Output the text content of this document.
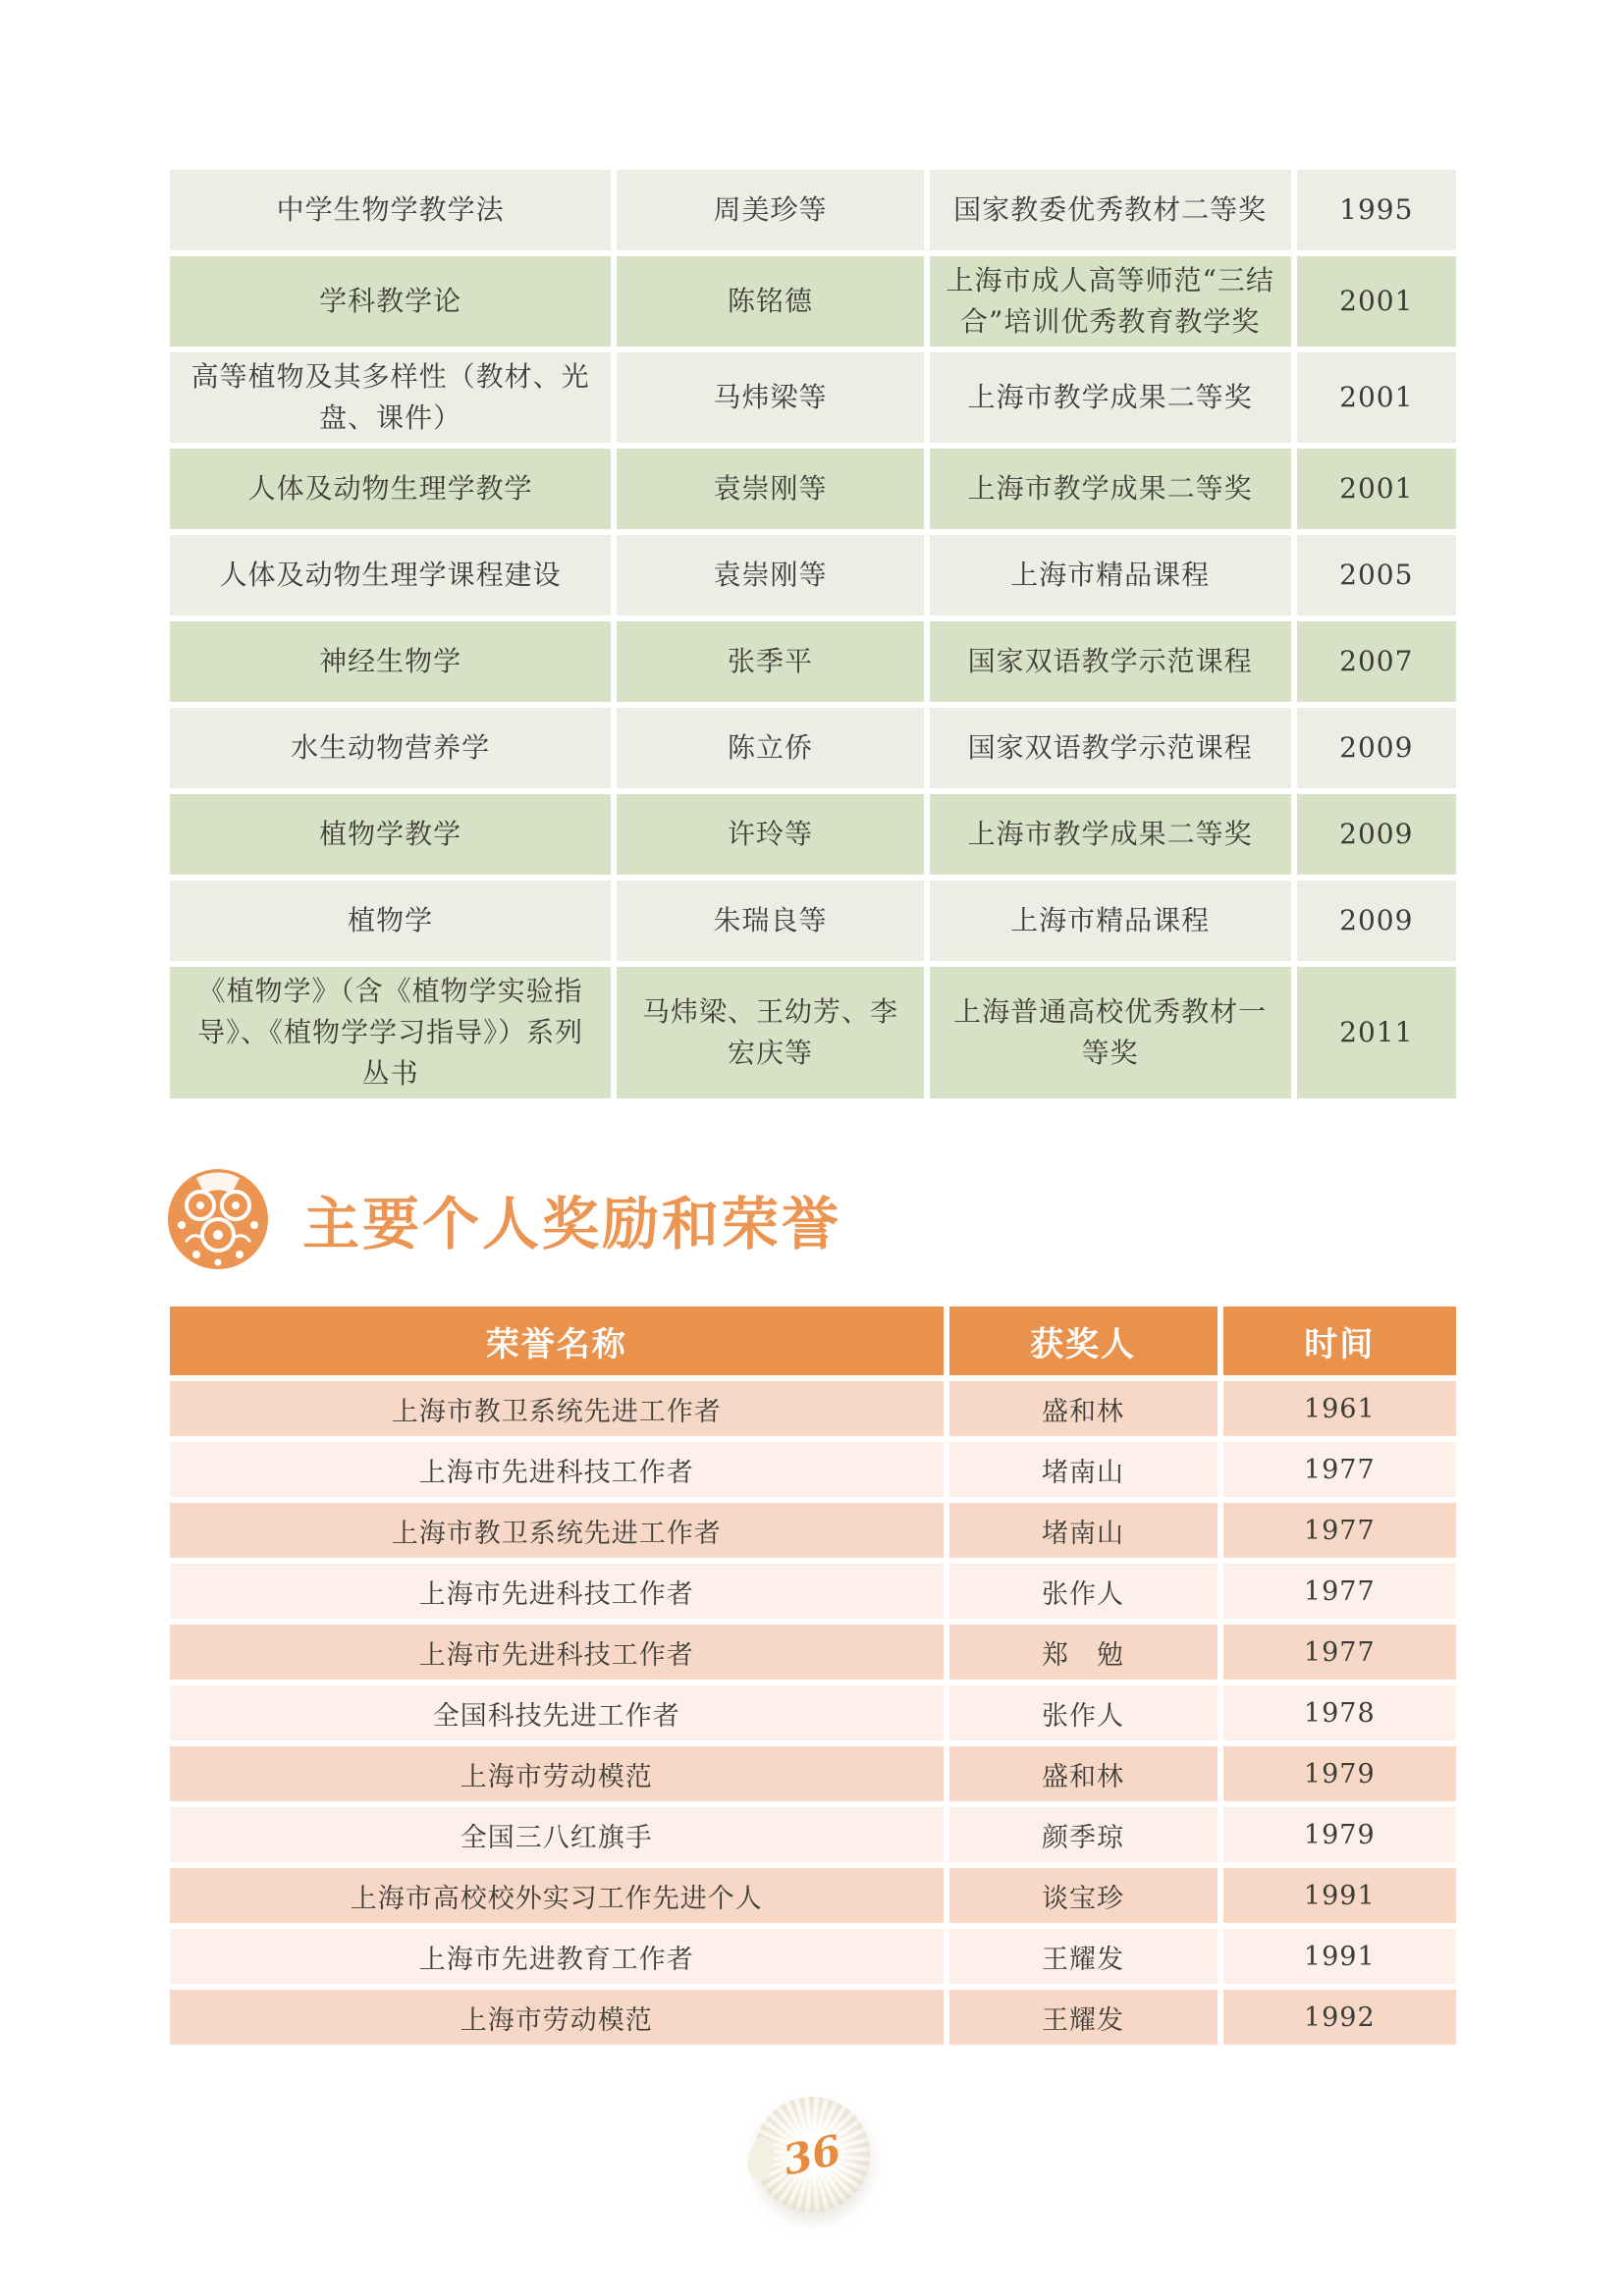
中学生物学教学法	周美珍等	国家教委优秀教材二等奖	1995
学科教学论	陈铭德	上海市成人高等师范“三结合”培训优秀教育教学奖	2001
高等植物及其多样性（教材、光盘、课件）	马炜梁等	上海市教学成果二等奖	2001
人体及动物生理学教学	袁崇刚等	上海市教学成果二等奖	2001
人体及动物生理学课程建设	袁崇刚等	上海市精品课程	2005
神经生物学	张季平	国家双语教学示范课程	2007
水生动物营养学	陈立侨	国家双语教学示范课程	2009
植物学教学	许玲等	上海市教学成果二等奖	2009
植物学	朱瑞良等	上海市精品课程	2009
《植物学》（含《植物学实验指导》、《植物学学习指导》）系列丛书	马炜梁、王幼芳、李宏庆等	上海普通高校优秀教材一等奖	2011
主要个人奖励和荣誉
荣誉名称	获奖人	时间
上海市教卫系统先进工作者	盛和林	1961
上海市先进科技工作者	堵南山	1977
上海市教卫系统先进工作者	堵南山	1977
上海市先进科技工作者	张作人	1977
上海市先进科技工作者	郑　勉	1977
全国科技先进工作者	张作人	1978
上海市劳动模范	盛和林	1979
全国三八红旗手	颜季琼	1979
上海市高校校外实习工作先进个人	谈宝珍	1991
上海市先进教育工作者	王耀发	1991
上海市劳动模范	王耀发	1992
36
